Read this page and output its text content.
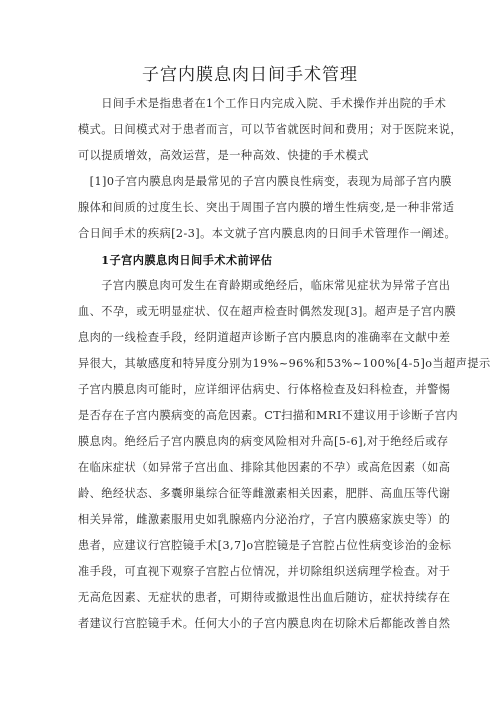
子宫内膜息肉日间手术管理
　　日间手术是指患者在1个工作日内完成入院、手术操作并出院的手术
模式。日间模式对于患者而言，可以节省就医时间和费用；对于医院来说，
可以提质增效，高效运营，是一种高效、快捷的手术模式
　[1]0子宫内膜息肉是最常见的子宫内膜良性病变，表现为局部子宫内膜
腺体和间质的过度生长、突出于周围子宫内膜的增生性病变,是一种非常适
合日间手术的疾病[2-3]。本文就子宫内膜息肉的日间手术管理作一阐述。
　　1子宫内膜息肉日间手术术前评估
　　子宫内膜息肉可发生在育龄期或绝经后，临床常见症状为异常子宫出
血、不孕，或无明显症状、仅在超声检查时偶然发现[3]。超声是子宫内膜
息肉的一线检查手段，经阴道超声诊断子宫内膜息肉的准确率在文献中差
异很大，其敏感度和特异度分别为19%~96%和53%~100%[4-5]o当超声提示
子宫内膜息肉可能时，应详细评估病史、行体格检查及妇科检查，并警惕
是否存在子宫内膜病变的高危因素。CT扫描和MRI不建议用于诊断子宫内
膜息肉。绝经后子宫内膜息肉的病变风险相对升高[5-6],对于绝经后或存
在临床症状（如异常子宫出血、排除其他因素的不孕）或高危因素（如高
龄、绝经状态、多囊卵巢综合征等雌激素相关因素，肥胖、高血压等代谢
相关异常，雌激素服用史如乳腺癌内分泌治疗，子宫内膜癌家族史等）的
患者，应建议行宫腔镜手术[3,7]o宫腔镜是子宫腔占位性病变诊治的金标
准手段，可直视下观察子宫腔占位情况，并切除组织送病理学检查。对于
无高危因素、无症状的患者，可期待或撤退性出血后随访，症状持续存在
者建议行宫腔镜手术。任何大小的子宫内膜息肉在切除术后都能改善自然
